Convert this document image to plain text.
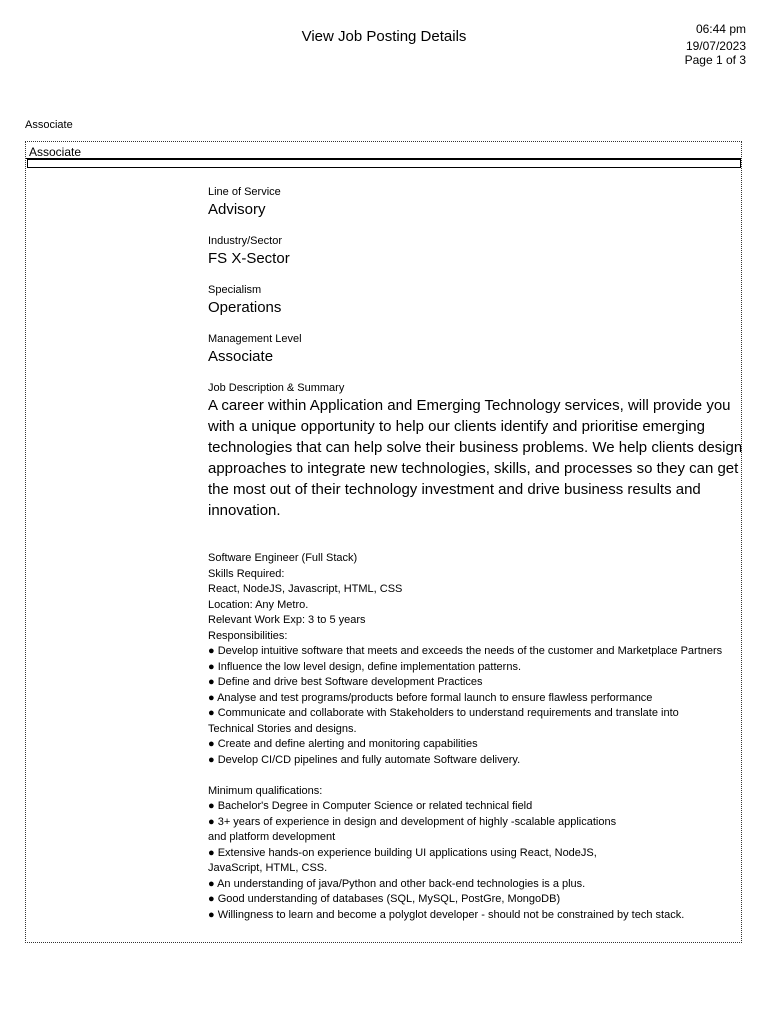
View Job Posting Details	06:44 pm
19/07/2023
Page 1 of 3
Associate
Associate
Line of Service
Advisory
Industry/Sector
FS X-Sector
Specialism
Operations
Management Level
Associate
Job Description & Summary
A career within Application and Emerging Technology services, will provide you with a unique opportunity to help our clients identify and prioritise emerging technologies that can help solve their business problems. We help clients design approaches to integrate new technologies, skills, and processes so they can get the most out of their technology investment and drive business results and innovation.
Software Engineer (Full Stack)
Skills Required:
React, NodeJS, Javascript, HTML, CSS
Location: Any Metro.
Relevant Work Exp: 3 to 5 years
Responsibilities:
● Develop intuitive software that meets and exceeds the needs of the customer and Marketplace Partners
● Influence the low level design, define implementation patterns.
● Define and drive best Software development Practices
● Analyse and test programs/products before formal launch to ensure flawless performance
● Communicate and collaborate with Stakeholders to understand requirements and translate into
Technical Stories and designs.
● Create and define alerting and monitoring capabilities
● Develop CI/CD pipelines and fully automate Software delivery.
Minimum qualifications:
● Bachelor's Degree in Computer Science or related technical field
● 3+ years of experience in design and development of highly -scalable applications
and platform development
● Extensive hands-on experience building UI applications using React, NodeJS,
JavaScript, HTML, CSS.
● An understanding of java/Python and other back-end technologies is a plus.
● Good understanding of databases (SQL, MySQL, PostGre, MongoDB)
● Willingness to learn and become a polyglot developer - should not be constrained by tech stack.
